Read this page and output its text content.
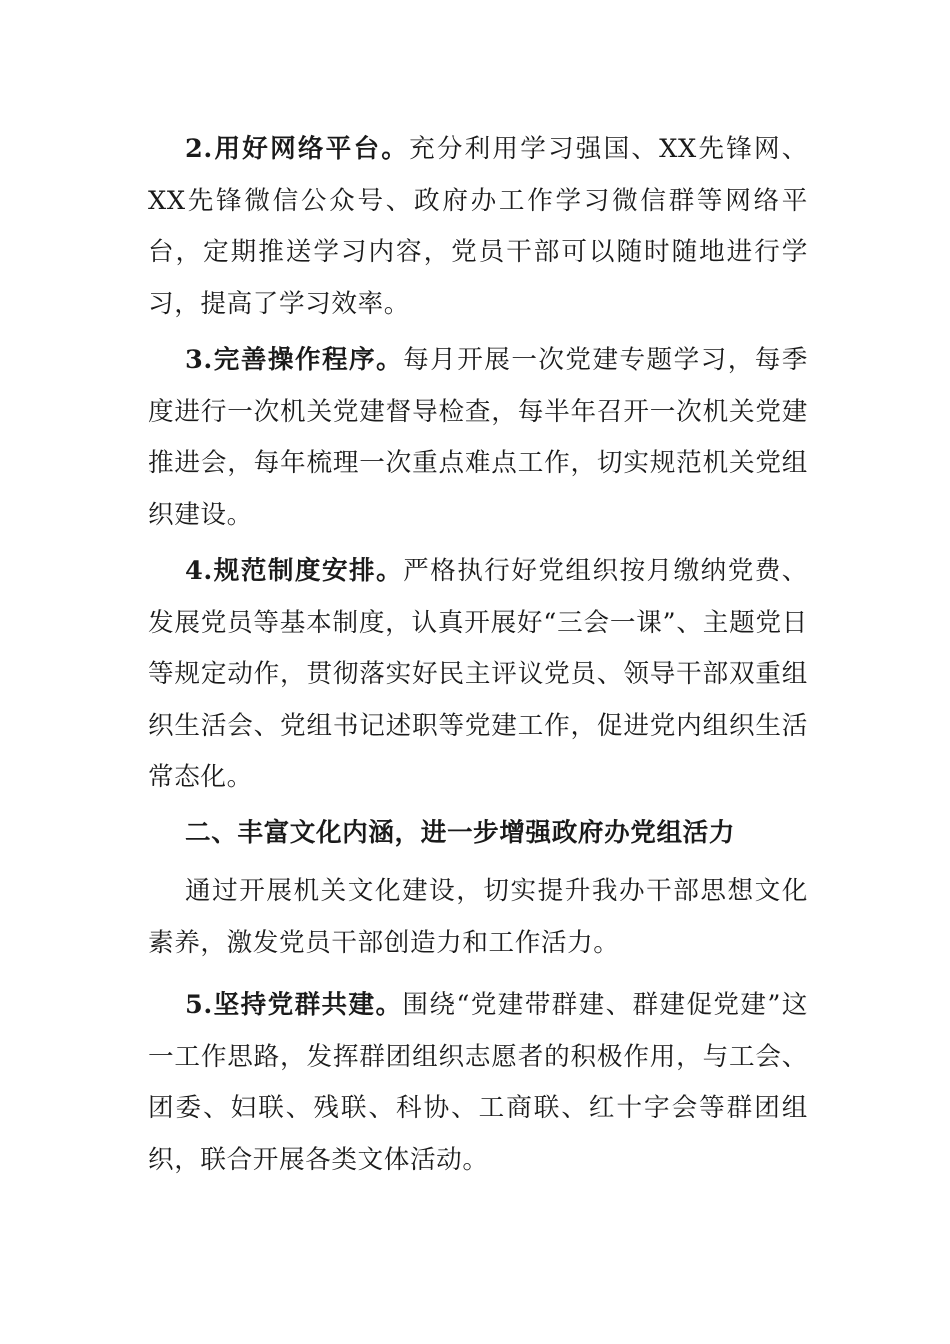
2.用好网络平台。充分利用学习强国、XX先锋网、XX先锋微信公众号、政府办工作学习微信群等网络平台，定期推送学习内容，党员干部可以随时随地进行学习，提高了学习效率。

3.完善操作程序。每月开展一次党建专题学习，每季度进行一次机关党建督导检查，每半年召开一次机关党建推进会，每年梳理一次重点难点工作，切实规范机关党组织建设。

4.规范制度安排。严格执行好党组织按月缴纳党费、发展党员等基本制度，认真开展好“三会一课”、主题党日等规定动作，贯彻落实好民主评议党员、领导干部双重组织生活会、党组书记述职等党建工作，促进党内组织生活常态化。

二、丰富文化内涵，进一步增强政府办党组活力

通过开展机关文化建设，切实提升我办干部思想文化素养，激发党员干部创造力和工作活力。

5.坚持党群共建。围绕“党建带群建、群建促党建”这一工作思路，发挥群团组织志愿者的积极作用，与工会、团委、妇联、残联、科协、工商联、红十字会等群团组织，联合开展各类文体活动。
